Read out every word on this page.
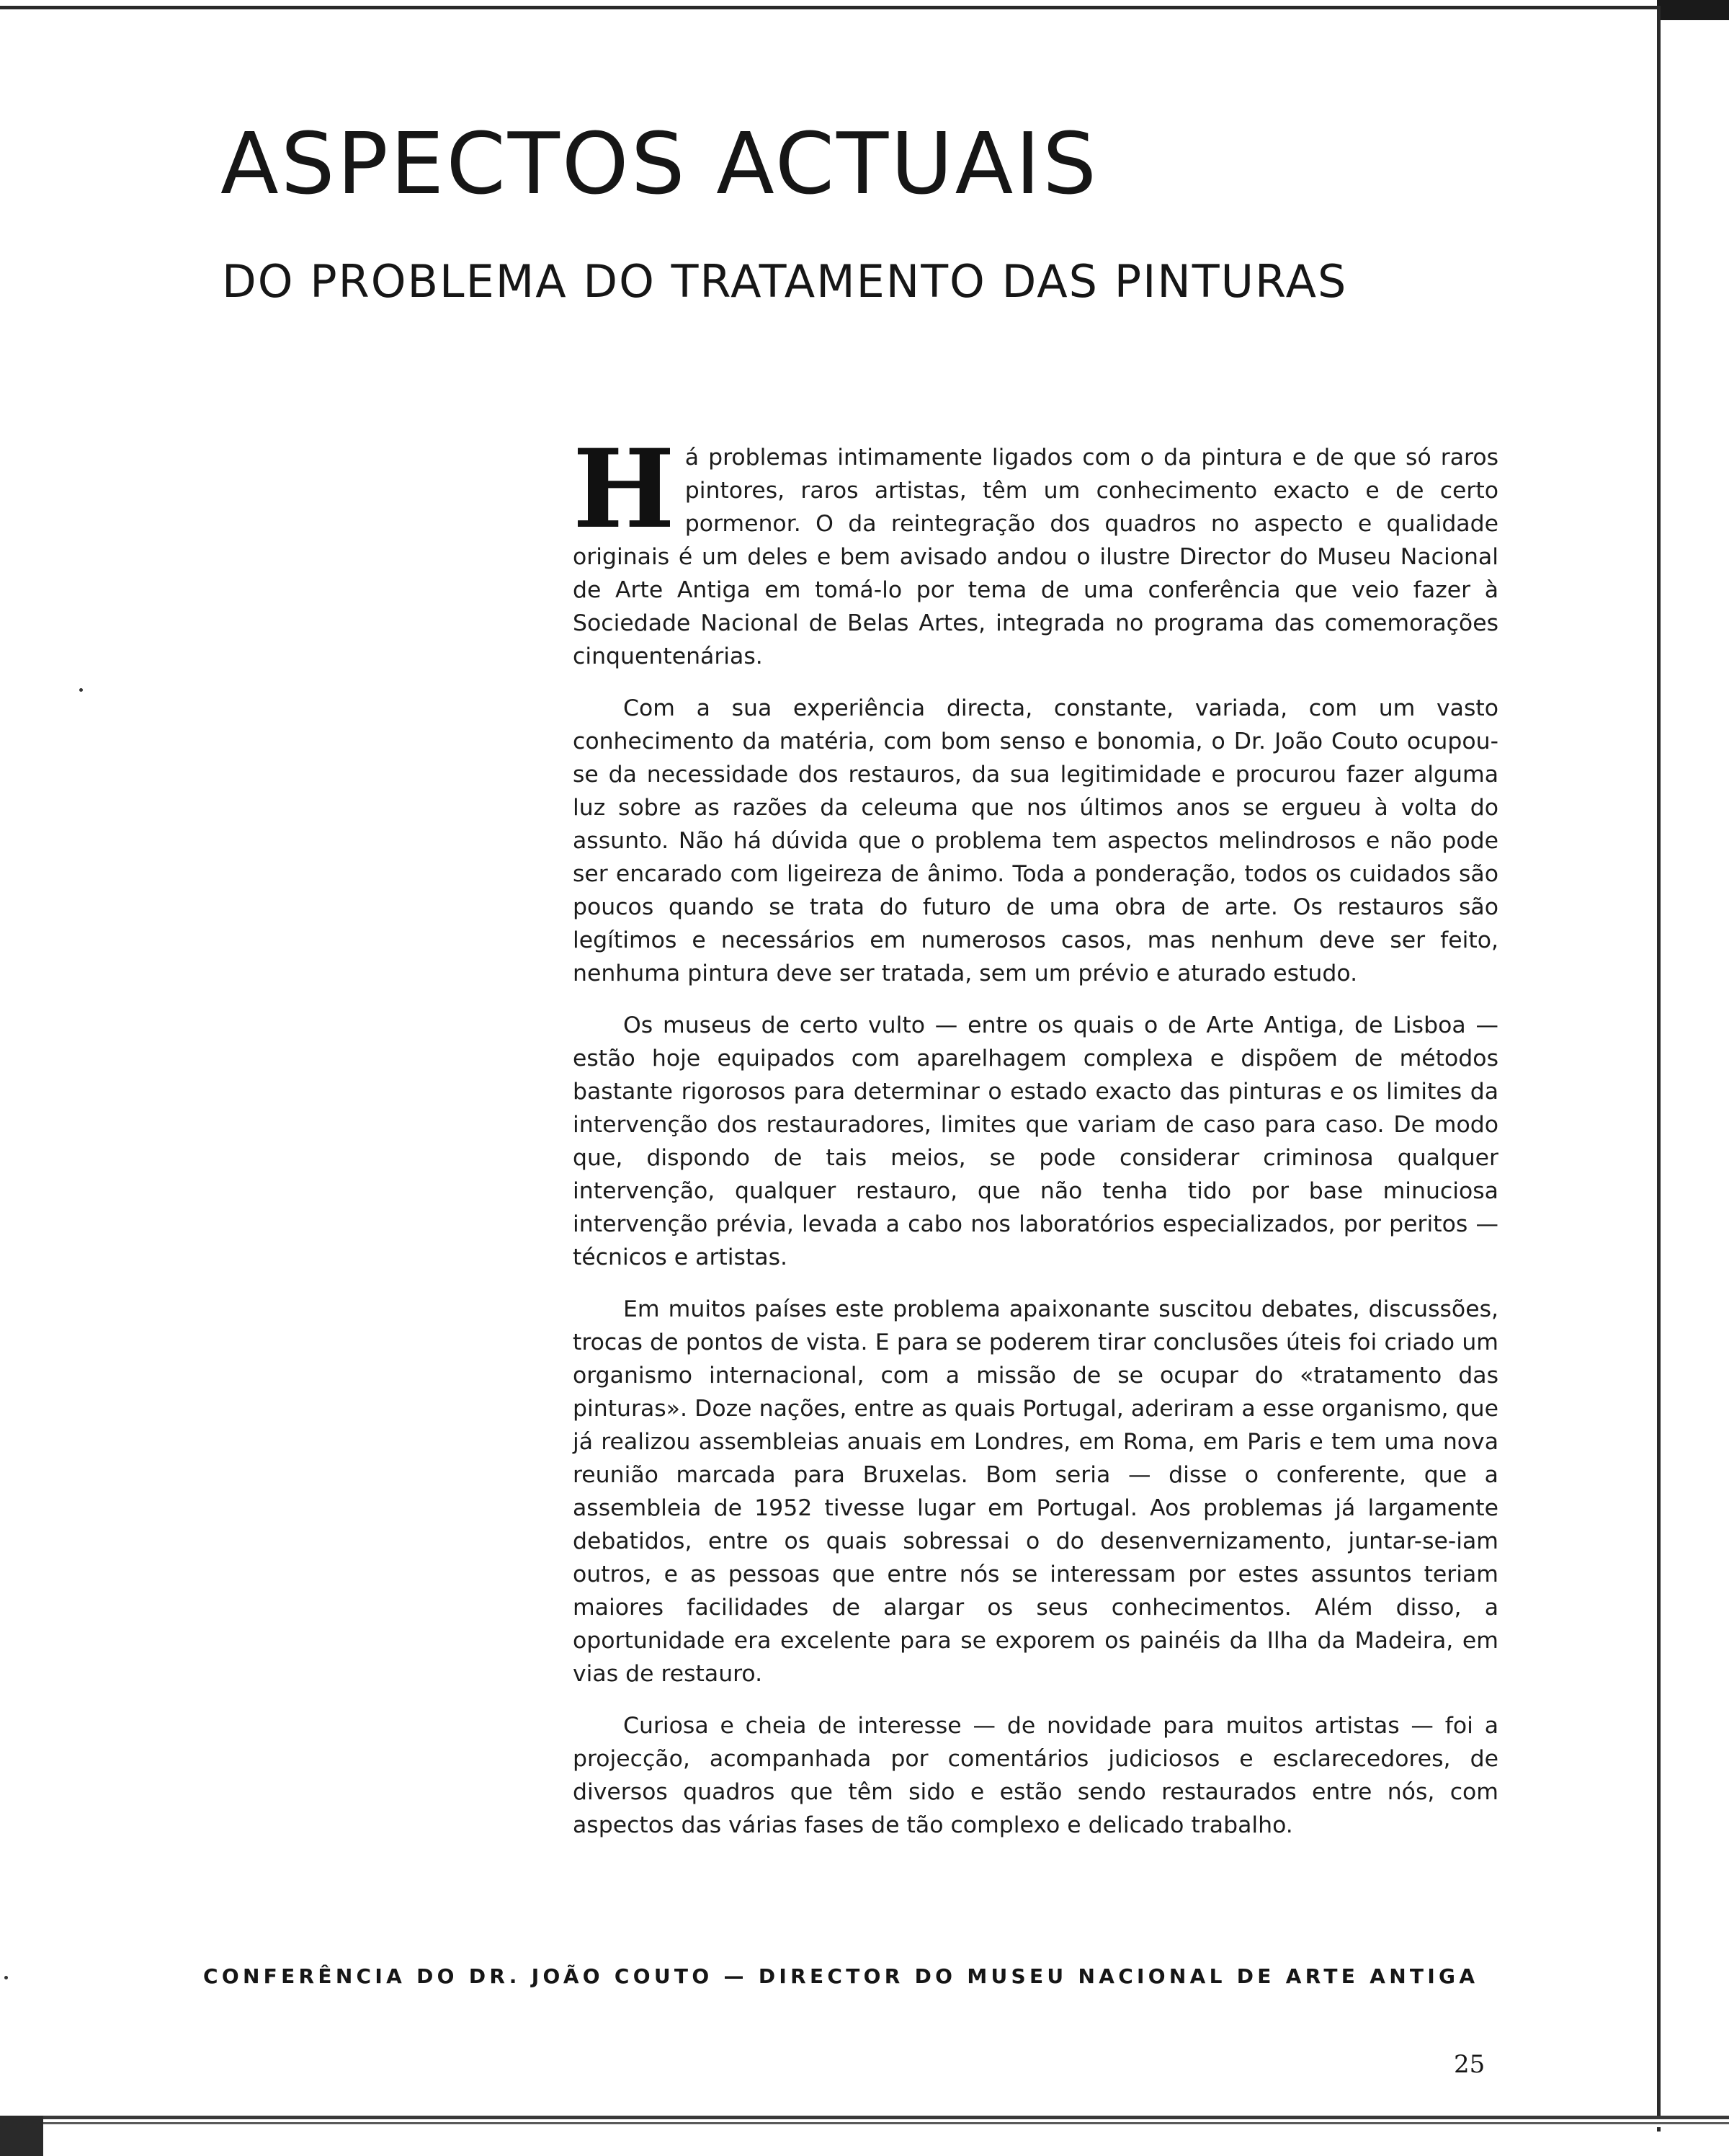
ASPECTOS ACTUAIS
DO PROBLEMA DO TRATAMENTO DAS PINTURAS

Há problemas intimamente ligados com o da pintura e de que só raros pintores, raros artistas, têm um conhecimento exacto e de certo pormenor. O da reintegração dos quadros no aspecto e qualidade originais é um deles e bem avisado andou o ilustre Director do Museu Nacional de Arte Antiga em tomá-lo por tema de uma conferência que veio fazer à Sociedade Nacional de Belas Artes, integrada no programa das comemorações cinquentenárias.

Com a sua experiência directa, constante, variada, com um vasto conhecimento da matéria, com bom senso e bonomia, o Dr. João Couto ocupou-se da necessidade dos restauros, da sua legitimidade e procurou fazer alguma luz sobre as razões da celeuma que nos últimos anos se ergueu à volta do assunto. Não há dúvida que o problema tem aspectos melindrosos e não pode ser encarado com ligeireza de ânimo. Toda a ponderação, todos os cuidados são poucos quando se trata do futuro de uma obra de arte. Os restauros são legítimos e necessários em numerosos casos, mas nenhum deve ser feito, nenhuma pintura deve ser tratada, sem um prévio e aturado estudo.

Os museus de certo vulto — entre os quais o de Arte Antiga, de Lisboa — estão hoje equipados com aparelhagem complexa e dispõem de métodos bastante rigorosos para determinar o estado exacto das pinturas e os limites da intervenção dos restauradores, limites que variam de caso para caso. De modo que, dispondo de tais meios, se pode considerar criminosa qualquer intervenção, qualquer restauro, que não tenha tido por base minuciosa intervenção prévia, levada a cabo nos laboratórios especializados, por peritos — técnicos e artistas.

Em muitos países este problema apaixonante suscitou debates, discussões, trocas de pontos de vista. E para se poderem tirar conclusões úteis foi criado um organismo internacional, com a missão de se ocupar do «tratamento das pinturas». Doze nações, entre as quais Portugal, aderiram a esse organismo, que já realizou assembleias anuais em Londres, em Roma, em Paris e tem uma nova reunião marcada para Bruxelas. Bom seria — disse o conferente, que a assembleia de 1952 tivesse lugar em Portugal. Aos problemas já largamente debatidos, entre os quais sobressai o do desenvernizamento, juntar-se-iam outros, e as pessoas que entre nós se interessam por estes assuntos teriam maiores facilidades de alargar os seus conhecimentos. Além disso, a oportunidade era excelente para se exporem os painéis da Ilha da Madeira, em vias de restauro.

Curiosa e cheia de interesse — de novidade para muitos artistas — foi a projecção, acompanhada por comentários judiciosos e esclarecedores, de diversos quadros que têm sido e estão sendo restaurados entre nós, com aspectos das várias fases de tão complexo e delicado trabalho.

CONFERÊNCIA DO DR. JOÃO COUTO — DIRECTOR DO MUSEU NACIONAL DE ARTE ANTIGA

25
